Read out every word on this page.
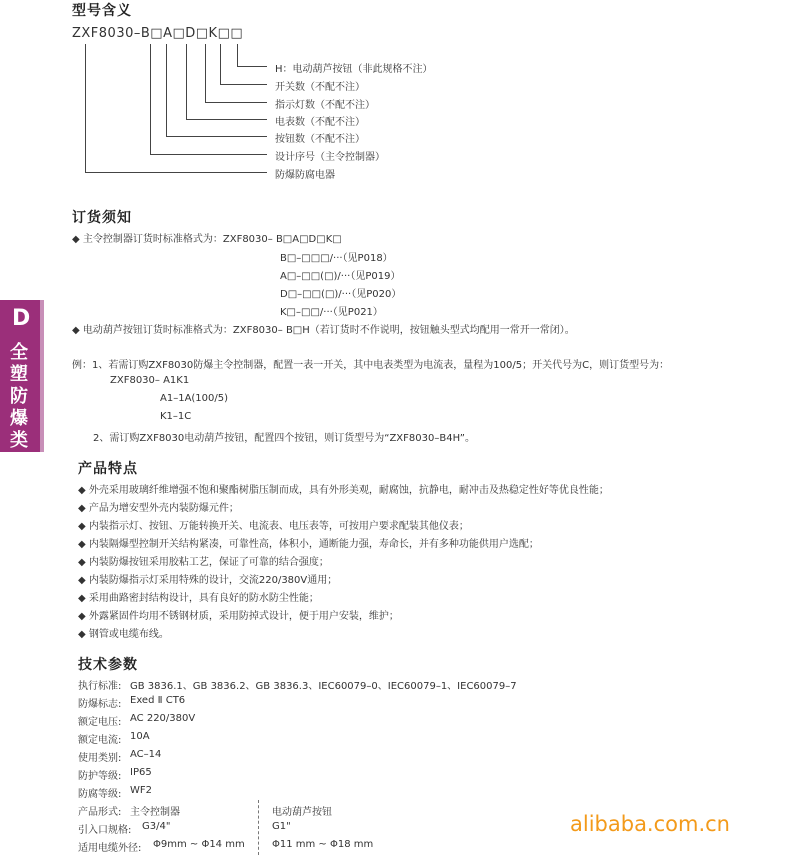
型号含义
ZXF8030–B□A□D□K□□
H：电动葫芦按钮（非此规格不注）
开关数（不配不注）
指示灯数（不配不注）
电表数（不配不注）
按钮数（不配不注）
设计序号（主令控制器）
防爆防腐电器
订货须知
◆ 主令控制器订货时标准格式为：ZXF8030– B□A□D□K□
B□–□□□/···（见P018）
A□–□□(□)/···（见P019）
D□–□□(□)/···（见P020）
K□–□□/···（见P021）
◆ 电动葫芦按钮订货时标准格式为：ZXF8030– B□H（若订货时不作说明，按钮触头型式均配用一常开一常闭）。
例：1、若需订购ZXF8030防爆主令控制器，配置一表一开关，其中电表类型为电流表，量程为100/5；开关代号为C，则订货型号为：
ZXF8030– A1K1
A1–1A(100/5)
K1–1C
2、需订购ZXF8030电动葫芦按钮，配置四个按钮，则订货型号为“ZXF8030–B4H”。
产品特点
◆ 外壳采用玻璃纤维增强不饱和聚酯树脂压制而成，具有外形美观，耐腐蚀，抗静电，耐冲击及热稳定性好等优良性能；
◆ 产品为增安型外壳内装防爆元件；
◆ 内装指示灯、按钮、万能转换开关、电流表、电压表等，可按用户要求配装其他仪表；
◆ 内装隔爆型控制开关结构紧凑，可靠性高，体积小，通断能力强，寿命长，并有多种功能供用户选配；
◆ 内装防爆按钮采用胶粘工艺，保证了可靠的结合强度；
◆ 内装防爆指示灯采用特殊的设计，交流220/380V通用；
◆ 采用曲路密封结构设计，具有良好的防水防尘性能；
◆ 外露紧固件均用不锈钢材质，采用防掉式设计，便于用户安装，维护；
◆ 钢管或电缆布线。
技术参数
执行标准: GB 3836.1、GB 3836.2、GB 3836.3、IEC60079–0、IEC60079–1、IEC60079–7
防爆标志: Exed Ⅱ CT6
额定电压: AC 220/380V
额定电流: 10A
使用类别: AC–14
防护等级: IP65
防腐等级: WF2
产品形式: 主令控制器	电动葫芦按钮
引入口规格: G3/4"	G1"
适用电缆外径: Φ9mm ~ Φ14 mm	Φ11 mm ~ Φ18 mm
D
全
塑
防
爆
类
alibaba.com.cn
